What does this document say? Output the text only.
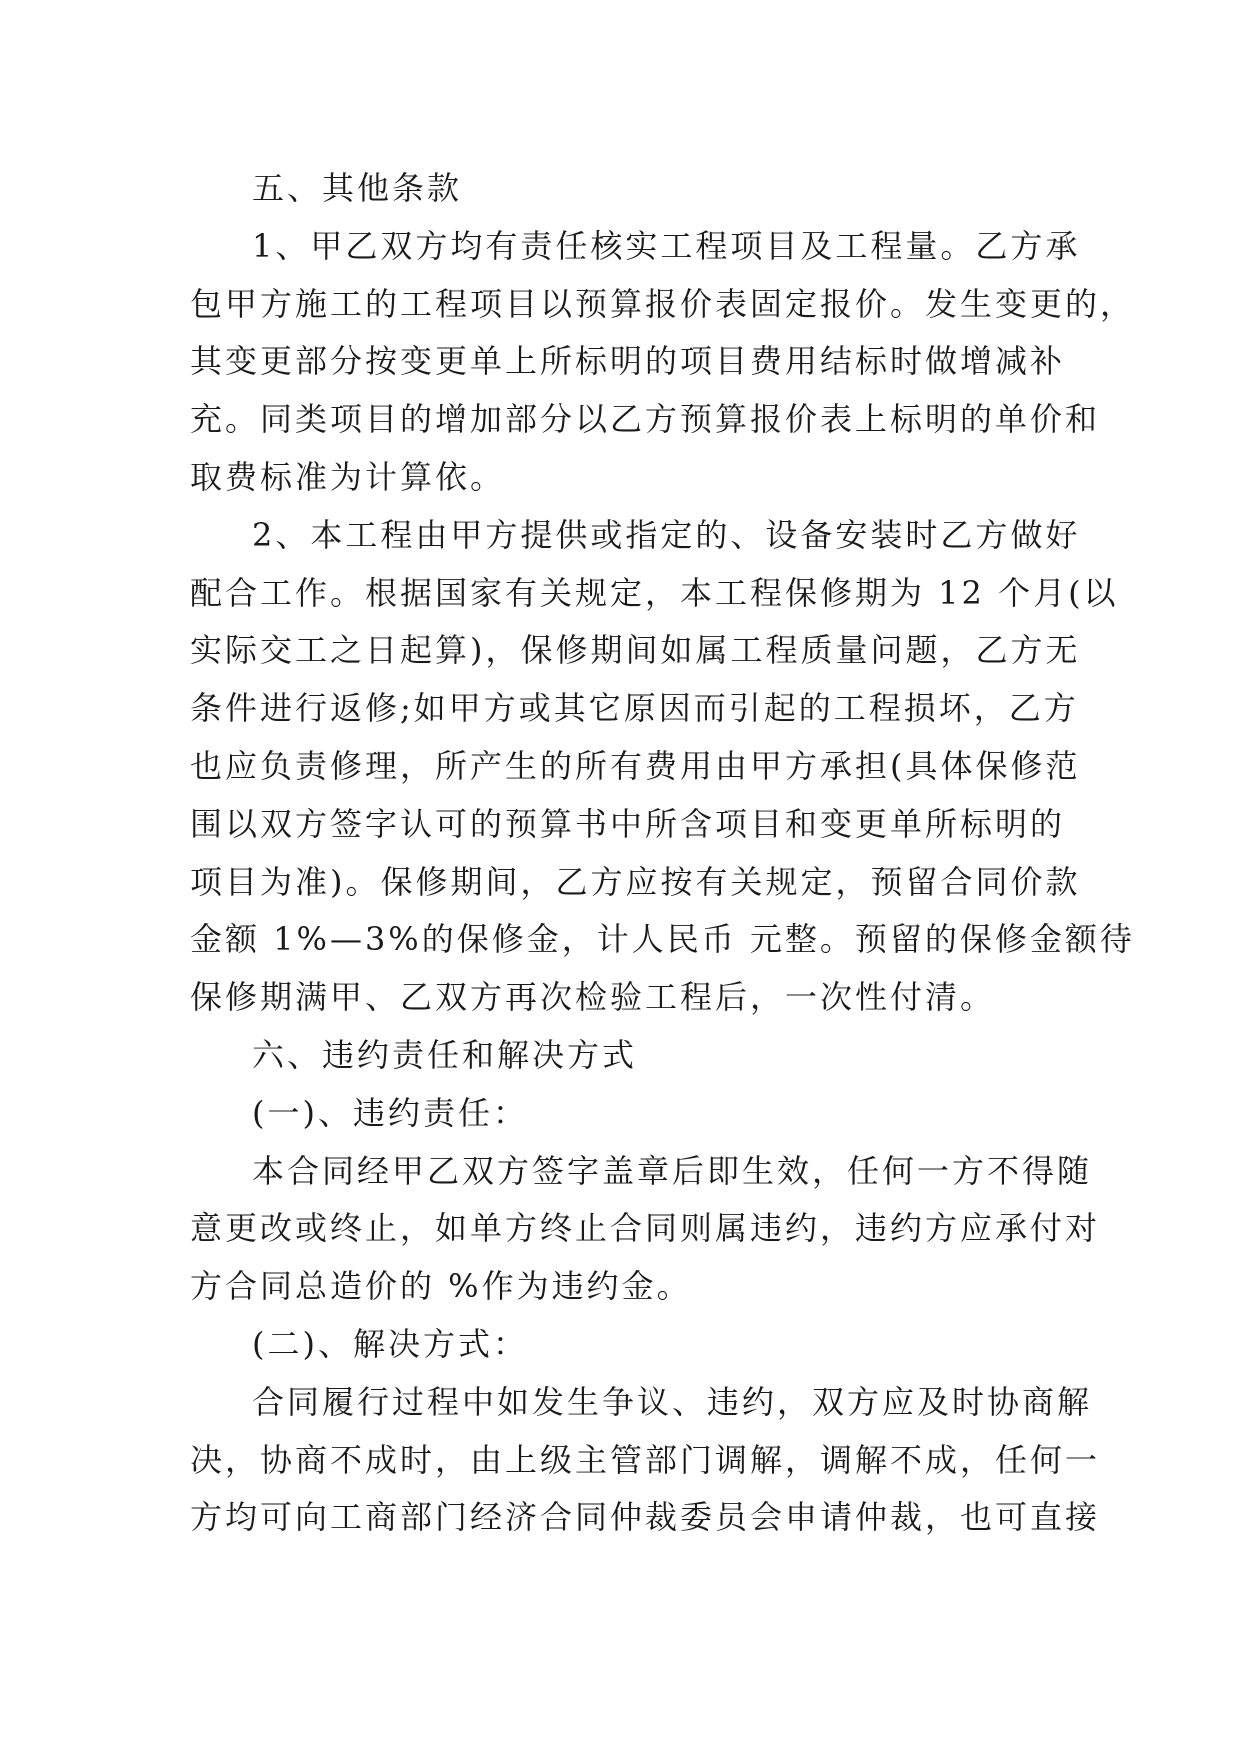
五、其他条款
1、甲乙双方均有责任核实工程项目及工程量。乙方承
包甲方施工的工程项目以预算报价表固定报价。发生变更的，
其变更部分按变更单上所标明的项目费用结标时做增减补
充。同类项目的增加部分以乙方预算报价表上标明的单价和
取费标准为计算依。
2、本工程由甲方提供或指定的、设备安装时乙方做好
配合工作。根据国家有关规定，本工程保修期为 12 个月(以
实际交工之日起算)，保修期间如属工程质量问题，乙方无
条件进行返修;如甲方或其它原因而引起的工程损坏，乙方
也应负责修理，所产生的所有费用由甲方承担(具体保修范
围以双方签字认可的预算书中所含项目和变更单所标明的
项目为准)。保修期间，乙方应按有关规定，预留合同价款
金额 1%—3%的保修金，计人民币 元整。预留的保修金额待
保修期满甲、乙双方再次检验工程后，一次性付清。
六、违约责任和解决方式
(一)、违约责任：
本合同经甲乙双方签字盖章后即生效，任何一方不得随
意更改或终止，如单方终止合同则属违约，违约方应承付对
方合同总造价的 %作为违约金。
(二)、解决方式：
合同履行过程中如发生争议、违约，双方应及时协商解
决，协商不成时，由上级主管部门调解，调解不成，任何一
方均可向工商部门经济合同仲裁委员会申请仲裁，也可直接
